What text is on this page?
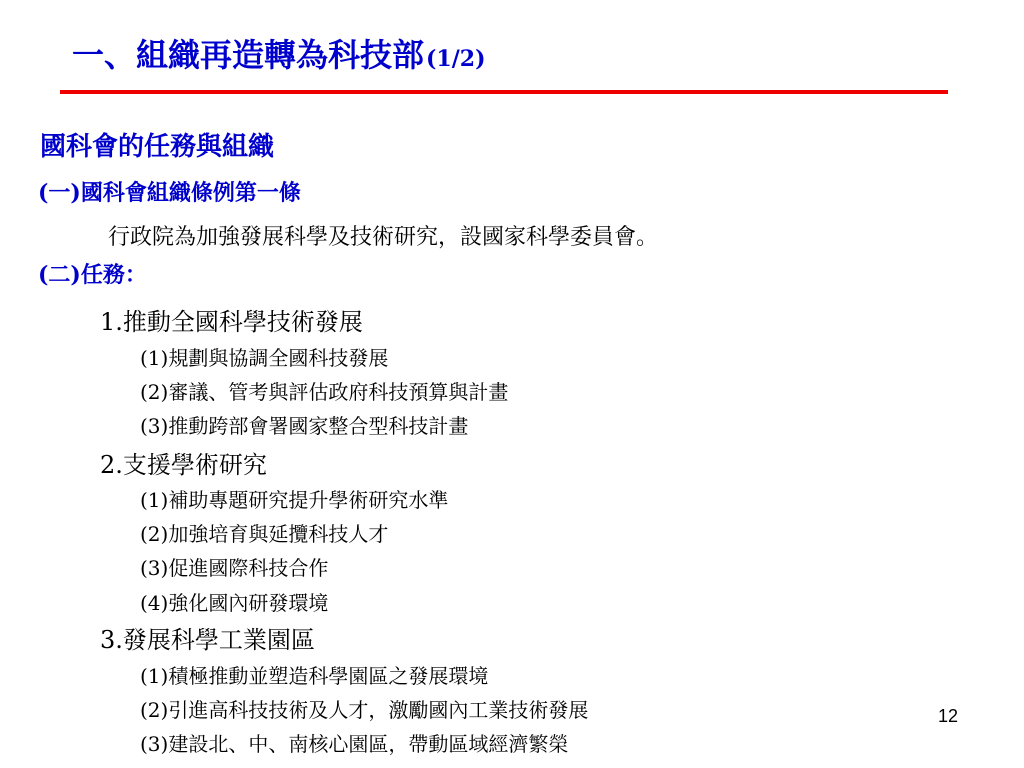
一、組織再造轉為科技部(1/2)
國科會的任務與組織
(一)國科會組織條例第一條
行政院為加強發展科學及技術研究，設國家科學委員會。
(二)任務：
1.推動全國科學技術發展
(1)規劃與協調全國科技發展
(2)審議、管考與評估政府科技預算與計畫
(3)推動跨部會署國家整合型科技計畫
2.支援學術研究
(1)補助專題研究提升學術研究水準
(2)加強培育與延攬科技人才
(3)促進國際科技合作
(4)強化國內研發環境
3.發展科學工業園區
(1)積極推動並塑造科學園區之發展環境
(2)引進高科技技術及人才，激勵國內工業技術發展
(3)建設北、中、南核心園區，帶動區域經濟繁榮
12
